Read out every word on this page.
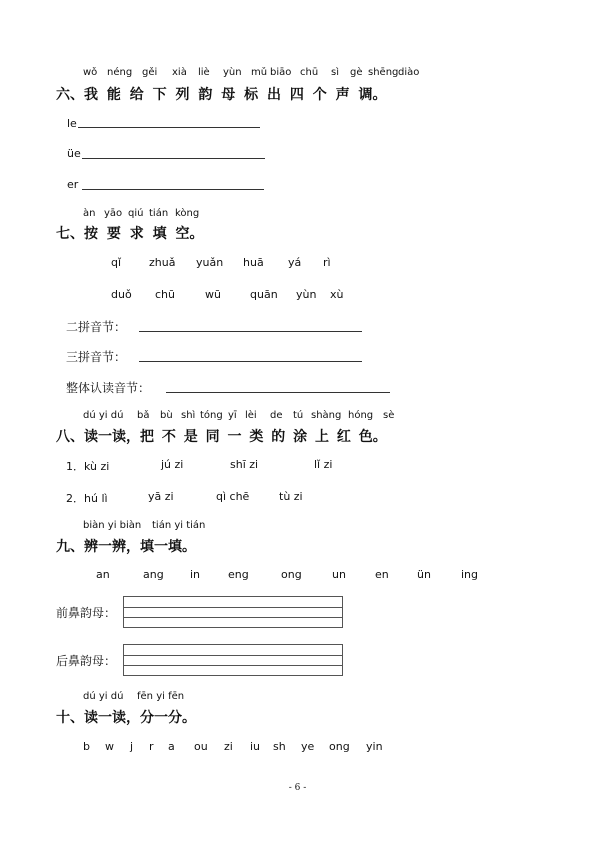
wǒ néng gěi xià liè yùn mǔ biāo chū sì gè shēng diào
六、我 能 给 下 列 韵 母 标 出 四 个 声 调。
le
üe
er
àn yāo qiú tián kòng
七、按 要 求 填 空。
qǐ	zhuǎ yuǎn huā yá rì
duǒ chū	wū	quān yùn xù
二拼音节：
三拼音节：
整体认读音节：
dú yi dú bǎ bù shì tóng yī lèi de tú shàng hóng sè
八、读一读，把 不 是 同 一 类 的 涂 上 红 色。
1．kù zi	jú zi	shī zi	lǐ zi
2．hú lì	yā zi	qì chē	tù zi
biàn yi biàn tián yi tián
九、辨一辨，填一填。
an	ang in	eng	ong	un	en	ün	ing
前鼻韵母：
后鼻韵母：
dú yi dú fēn yi fēn
十、读一读，分一分。
b w j r a ou zi iu sh ye ong yin
- 6 -
